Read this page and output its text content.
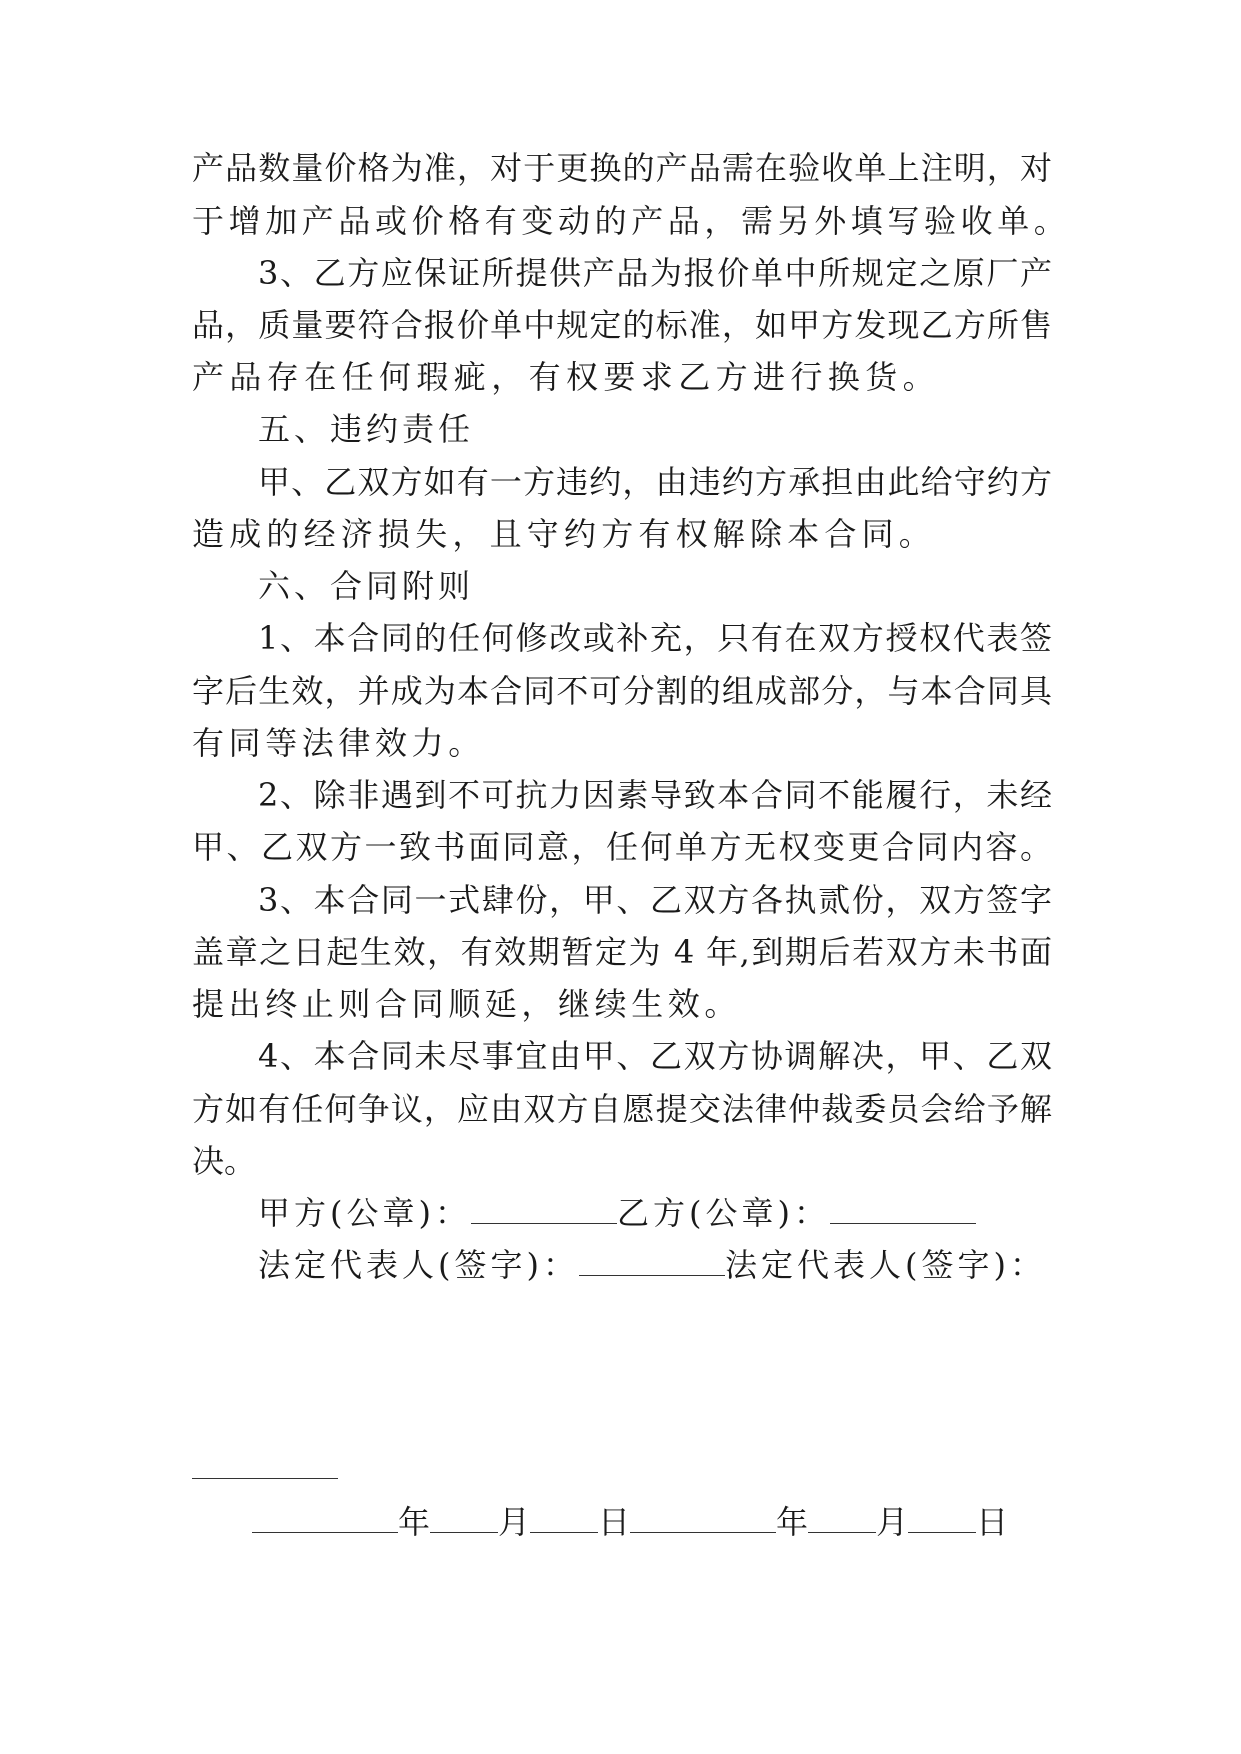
产品数量价格为准，对于更换的产品需在验收单上注明，对
于增加产品或价格有变动的产品，需另外填写验收单。
3、乙方应保证所提供产品为报价单中所规定之原厂产
品，质量要符合报价单中规定的标准，如甲方发现乙方所售
产品存在任何瑕疵，有权要求乙方进行换货。
五、违约责任
甲、乙双方如有一方违约，由违约方承担由此给守约方
造成的经济损失，且守约方有权解除本合同。
六、合同附则
1、本合同的任何修改或补充，只有在双方授权代表签
字后生效，并成为本合同不可分割的组成部分，与本合同具
有同等法律效力。
2、除非遇到不可抗力因素导致本合同不能履行，未经
甲、乙双方一致书面同意，任何单方无权变更合同内容。
3、本合同一式肆份，甲、乙双方各执贰份，双方签字
盖章之日起生效，有效期暂定为 4 年,到期后若双方未书面
提出终止则合同顺延，继续生效。
4、本合同未尽事宜由甲、乙双方协调解决，甲、乙双
方如有任何争议，应由双方自愿提交法律仲裁委员会给予解
决。
甲方(公章)：	乙方(公章)：
法定代表人(签字)：	法定代表人(签字)：
年 月 日	年 月 日
